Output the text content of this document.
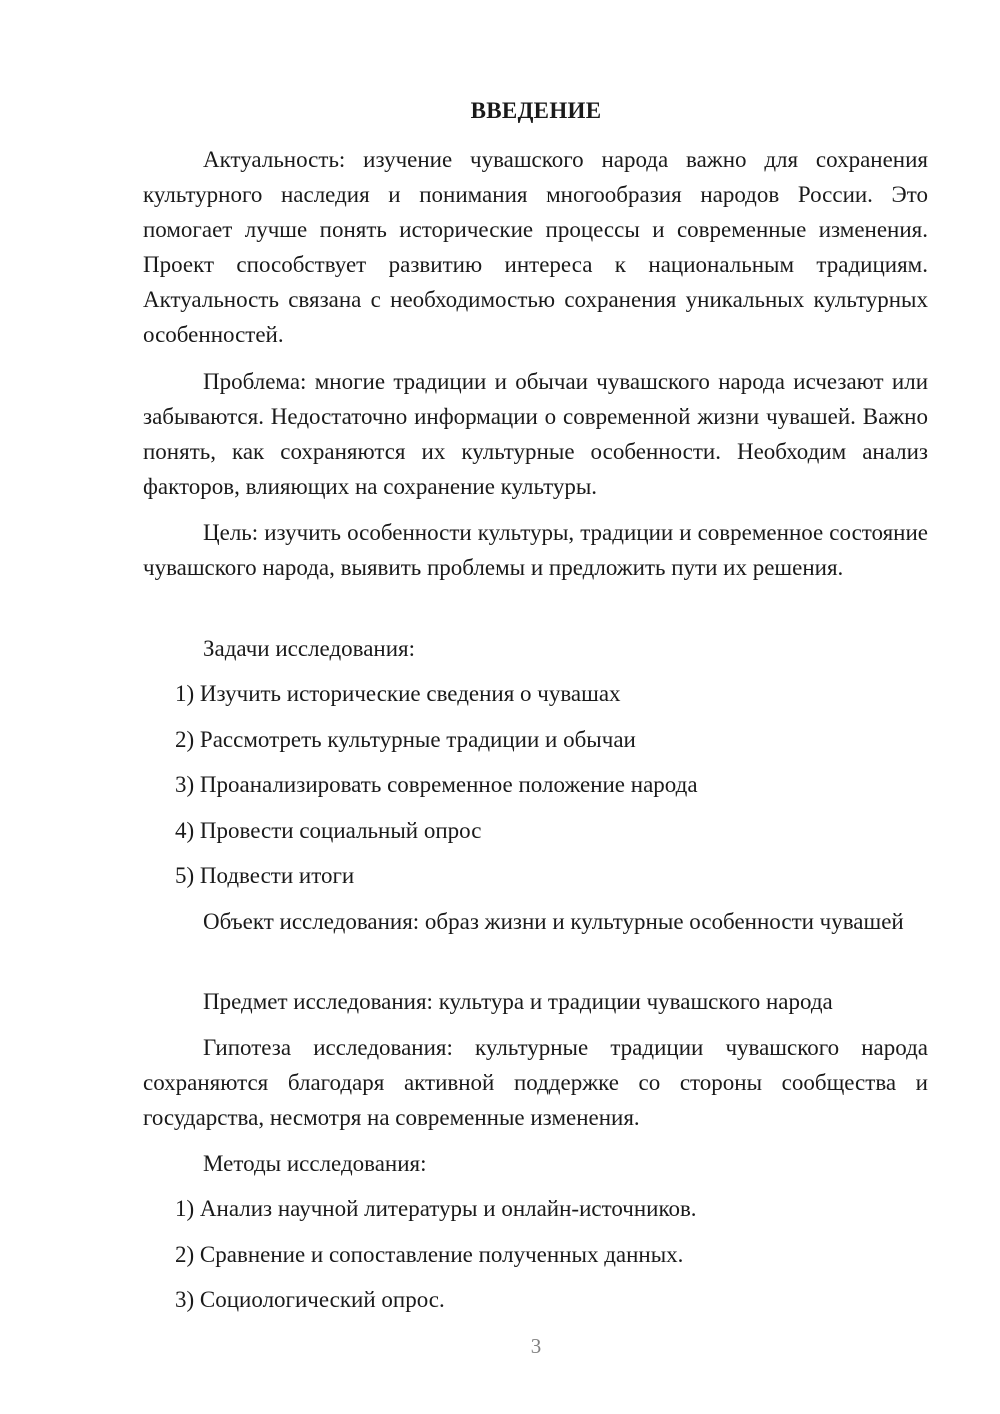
ВВЕДЕНИЕ

Актуальность: изучение чувашского народа важно для сохранения культурного наследия и понимания многообразия народов России. Это помогает лучше понять исторические процессы и современные изменения. Проект способствует развитию интереса к национальным традициям. Актуальность связана с необходимостью сохранения уникальных культурных особенностей.

Проблема: многие традиции и обычаи чувашского народа исчезают или забываются. Недостаточно информации о современной жизни чувашей. Важно понять, как сохраняются их культурные особенности. Необходим анализ факторов, влияющих на сохранение культуры.

Цель: изучить особенности культуры, традиции и современное состояние чувашского народа, выявить проблемы и предложить пути их решения.

Задачи исследования:

1) Изучить исторические сведения о чувашах

2) Рассмотреть культурные традиции и обычаи

3) Проанализировать современное положение народа

4) Провести социальный опрос

5) Подвести итоги

Объект исследования: образ жизни и культурные особенности чувашей

Предмет исследования: культура и традиции чувашского народа

Гипотеза исследования: культурные традиции чувашского народа сохраняются благодаря активной поддержке со стороны сообщества и государства, несмотря на современные изменения.

Методы исследования:

1) Анализ научной литературы и онлайн-источников.

2) Сравнение и сопоставление полученных данных.

3) Социологический опрос.

3
